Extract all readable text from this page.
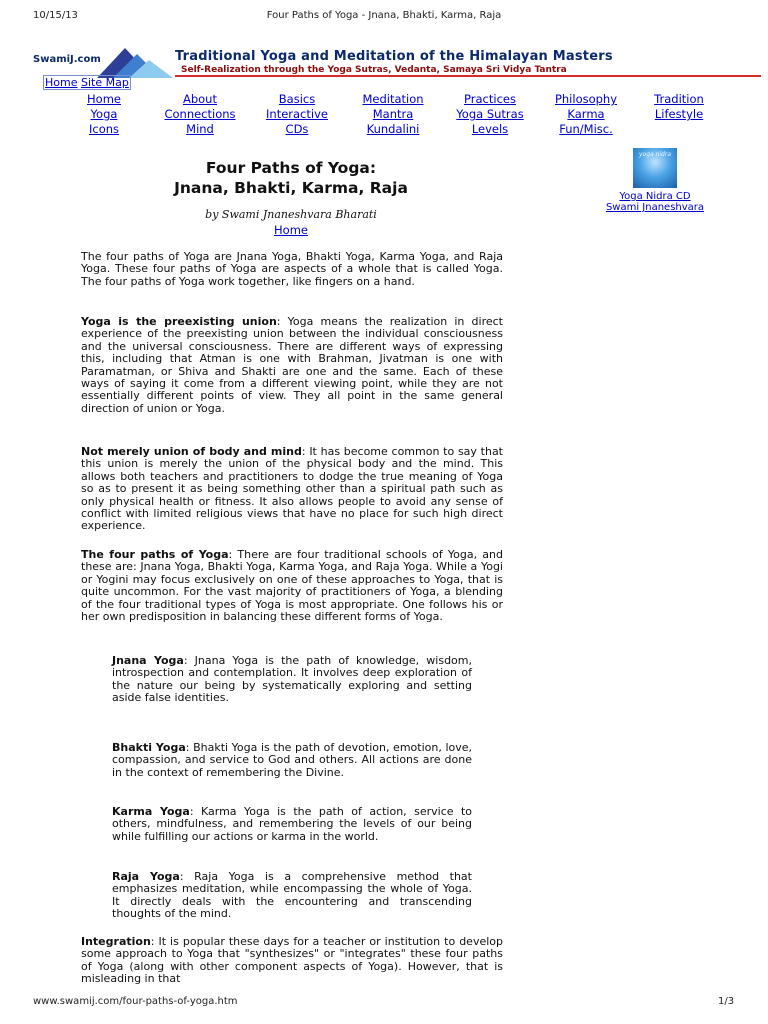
10/15/13	Four Paths of Yoga - Jnana, Bhakti, Karma, Raja
SwamiJ.com	Traditional Yoga and Meditation of the Himalayan Masters
Self-Realization through the Yoga Sutras, Vedanta, Samaya Sri Vidya Tantra
Home Site Map
Home	About	Basics	Meditation	Practices	Philosophy	Tradition
Yoga	Connections	Interactive	Mantra	Yoga Sutras	Karma	Lifestyle
Icons	Mind	CDs	Kundalini	Levels	Fun/Misc.
yoga nidra
Yoga Nidra CD
Swami Jnaneshvara
Four Paths of Yoga:
Jnana, Bhakti, Karma, Raja
by Swami Jnaneshvara Bharati
Home
The four paths of Yoga are Jnana Yoga, Bhakti Yoga, Karma Yoga, and Raja Yoga. These four paths of Yoga are aspects of a whole that is called Yoga. The four paths of Yoga work together, like fingers on a hand.
Yoga is the preexisting union: Yoga means the realization in direct experience of the preexisting union between the individual consciousness and the universal consciousness. There are different ways of expressing this, including that Atman is one with Brahman, Jivatman is one with Paramatman, or Shiva and Shakti are one and the same. Each of these ways of saying it come from a different viewing point, while they are not essentially different points of view. They all point in the same general direction of union or Yoga.
Not merely union of body and mind: It has become common to say that this union is merely the union of the physical body and the mind. This allows both teachers and practitioners to dodge the true meaning of Yoga so as to present it as being something other than a spiritual path such as only physical health or fitness. It also allows people to avoid any sense of conflict with limited religious views that have no place for such high direct experience.
The four paths of Yoga: There are four traditional schools of Yoga, and these are: Jnana Yoga, Bhakti Yoga, Karma Yoga, and Raja Yoga. While a Yogi or Yogini may focus exclusively on one of these approaches to Yoga, that is quite uncommon. For the vast majority of practitioners of Yoga, a blending of the four traditional types of Yoga is most appropriate. One follows his or her own predisposition in balancing these different forms of Yoga.
Jnana Yoga: Jnana Yoga is the path of knowledge, wisdom, introspection and contemplation. It involves deep exploration of the nature our being by systematically exploring and setting aside false identities.
Bhakti Yoga: Bhakti Yoga is the path of devotion, emotion, love, compassion, and service to God and others. All actions are done in the context of remembering the Divine.
Karma Yoga: Karma Yoga is the path of action, service to others, mindfulness, and remembering the levels of our being while fulfilling our actions or karma in the world.
Raja Yoga: Raja Yoga is a comprehensive method that emphasizes meditation, while encompassing the whole of Yoga. It directly deals with the encountering and transcending thoughts of the mind.
Integration: It is popular these days for a teacher or institution to develop some approach to Yoga that "synthesizes" or "integrates" these four paths of Yoga (along with other component aspects of Yoga). However, that is misleading in that
www.swamij.com/four-paths-of-yoga.htm	1/3
